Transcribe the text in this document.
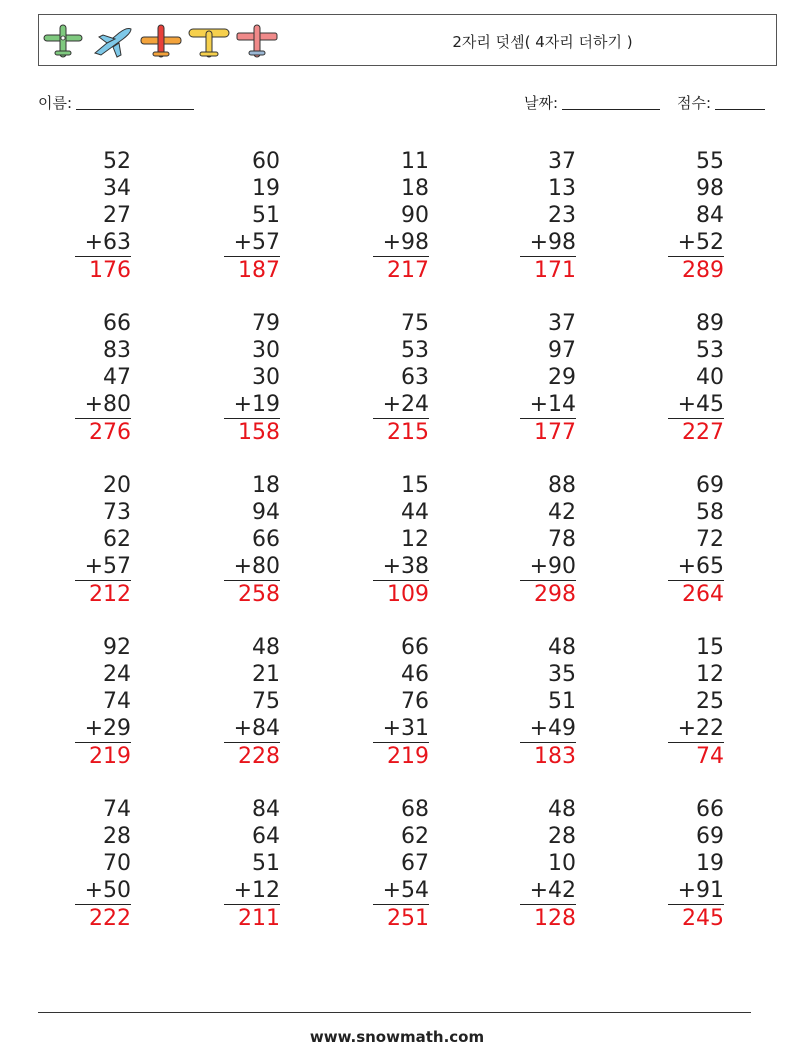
2자리 덧셈( 4자리 더하기 )
이름:	날짜:	점수:
52
34
27
+63
176
60
19
51
+57
187
11
18
90
+98
217
37
13
23
+98
171
55
98
84
+52
289
66
83
47
+80
276
79
30
30
+19
158
75
53
63
+24
215
37
97
29
+14
177
89
53
40
+45
227
20
73
62
+57
212
18
94
66
+80
258
15
44
12
+38
109
88
42
78
+90
298
69
58
72
+65
264
92
24
74
+29
219
48
21
75
+84
228
66
46
76
+31
219
48
35
51
+49
183
15
12
25
+22
74
74
28
70
+50
222
84
64
51
+12
211
68
62
67
+54
251
48
28
10
+42
128
66
69
19
+91
245
www.snowmath.com
